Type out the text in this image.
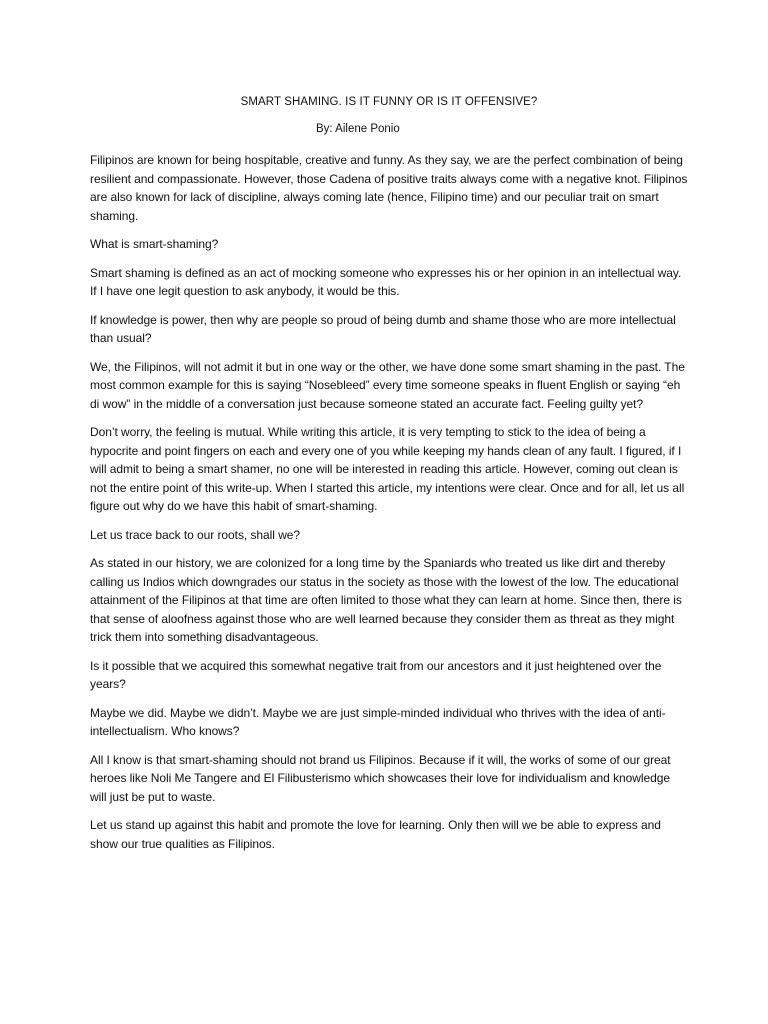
SMART SHAMING. IS IT FUNNY OR IS IT OFFENSIVE?
By: Ailene Ponio

Filipinos are known for being hospitable, creative and funny. As they say, we are the perfect combination of being resilient and compassionate. However, those Cadena of positive traits always come with a negative knot. Filipinos are also known for lack of discipline, always coming late (hence, Filipino time) and our peculiar trait on smart shaming.

What is smart-shaming?

Smart shaming is defined as an act of mocking someone who expresses his or her opinion in an intellectual way. If I have one legit question to ask anybody, it would be this.

If knowledge is power, then why are people so proud of being dumb and shame those who are more intellectual than usual?

We, the Filipinos, will not admit it but in one way or the other, we have done some smart shaming in the past. The most common example for this is saying “Nosebleed” every time someone speaks in fluent English or saying “eh di wow” in the middle of a conversation just because someone stated an accurate fact. Feeling guilty yet?

Don’t worry, the feeling is mutual. While writing this article, it is very tempting to stick to the idea of being a hypocrite and point fingers on each and every one of you while keeping my hands clean of any fault. I figured, if I will admit to being a smart shamer, no one will be interested in reading this article. However, coming out clean is not the entire point of this write-up. When I started this article, my intentions were clear. Once and for all, let us all figure out why do we have this habit of smart-shaming.

Let us trace back to our roots, shall we?

As stated in our history, we are colonized for a long time by the Spaniards who treated us like dirt and thereby calling us Indios which downgrades our status in the society as those with the lowest of the low. The educational attainment of the Filipinos at that time are often limited to those what they can learn at home. Since then, there is that sense of aloofness against those who are well learned because they consider them as threat as they might trick them into something disadvantageous.

Is it possible that we acquired this somewhat negative trait from our ancestors and it just heightened over the years?

Maybe we did. Maybe we didn’t. Maybe we are just simple-minded individual who thrives with the idea of anti-intellectualism. Who knows?

All I know is that smart-shaming should not brand us Filipinos. Because if it will, the works of some of our great heroes like Noli Me Tangere and El Filibusterismo which showcases their love for individualism and knowledge will just be put to waste.

Let us stand up against this habit and promote the love for learning. Only then will we be able to express and show our true qualities as Filipinos.
